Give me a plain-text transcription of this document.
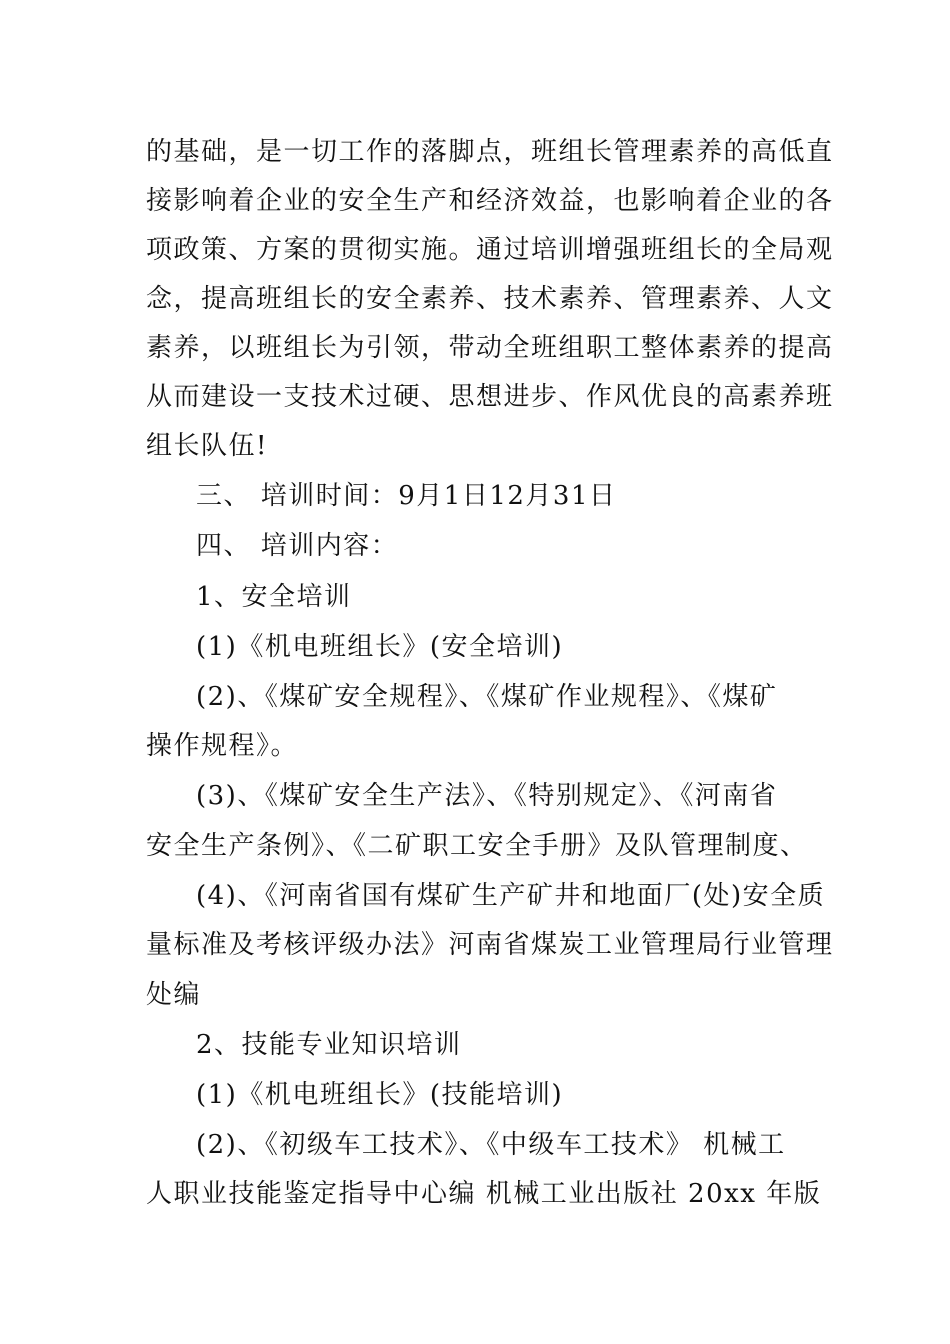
的基础，是一切工作的落脚点，班组长管理素养的高低直
接影响着企业的安全生产和经济效益，也影响着企业的各
项政策、方案的贯彻实施。通过培训增强班组长的全局观
念，提高班组长的安全素养、技术素养、管理素养、人文
素养，以班组长为引领，带动全班组职工整体素养的提高
从而建设一支技术过硬、思想进步、作风优良的高素养班
组长队伍!
三、 培训时间：9月1日12月31日
四、 培训内容：
1、安全培训
(1)《机电班组长》(安全培训)
(2)、《煤矿安全规程》、《煤矿作业规程》、《煤矿
操作规程》。
(3)、《煤矿安全生产法》、《特别规定》、《河南省
安全生产条例》、《二矿职工安全手册》及队管理制度、
(4)、《河南省国有煤矿生产矿井和地面厂(处)安全质
量标准及考核评级办法》河南省煤炭工业管理局行业管理
处编
2、技能专业知识培训
(1)《机电班组长》(技能培训)
(2)、《初级车工技术》、《中级车工技术》 机械工
人职业技能鉴定指导中心编 机械工业出版社 20xx 年版
